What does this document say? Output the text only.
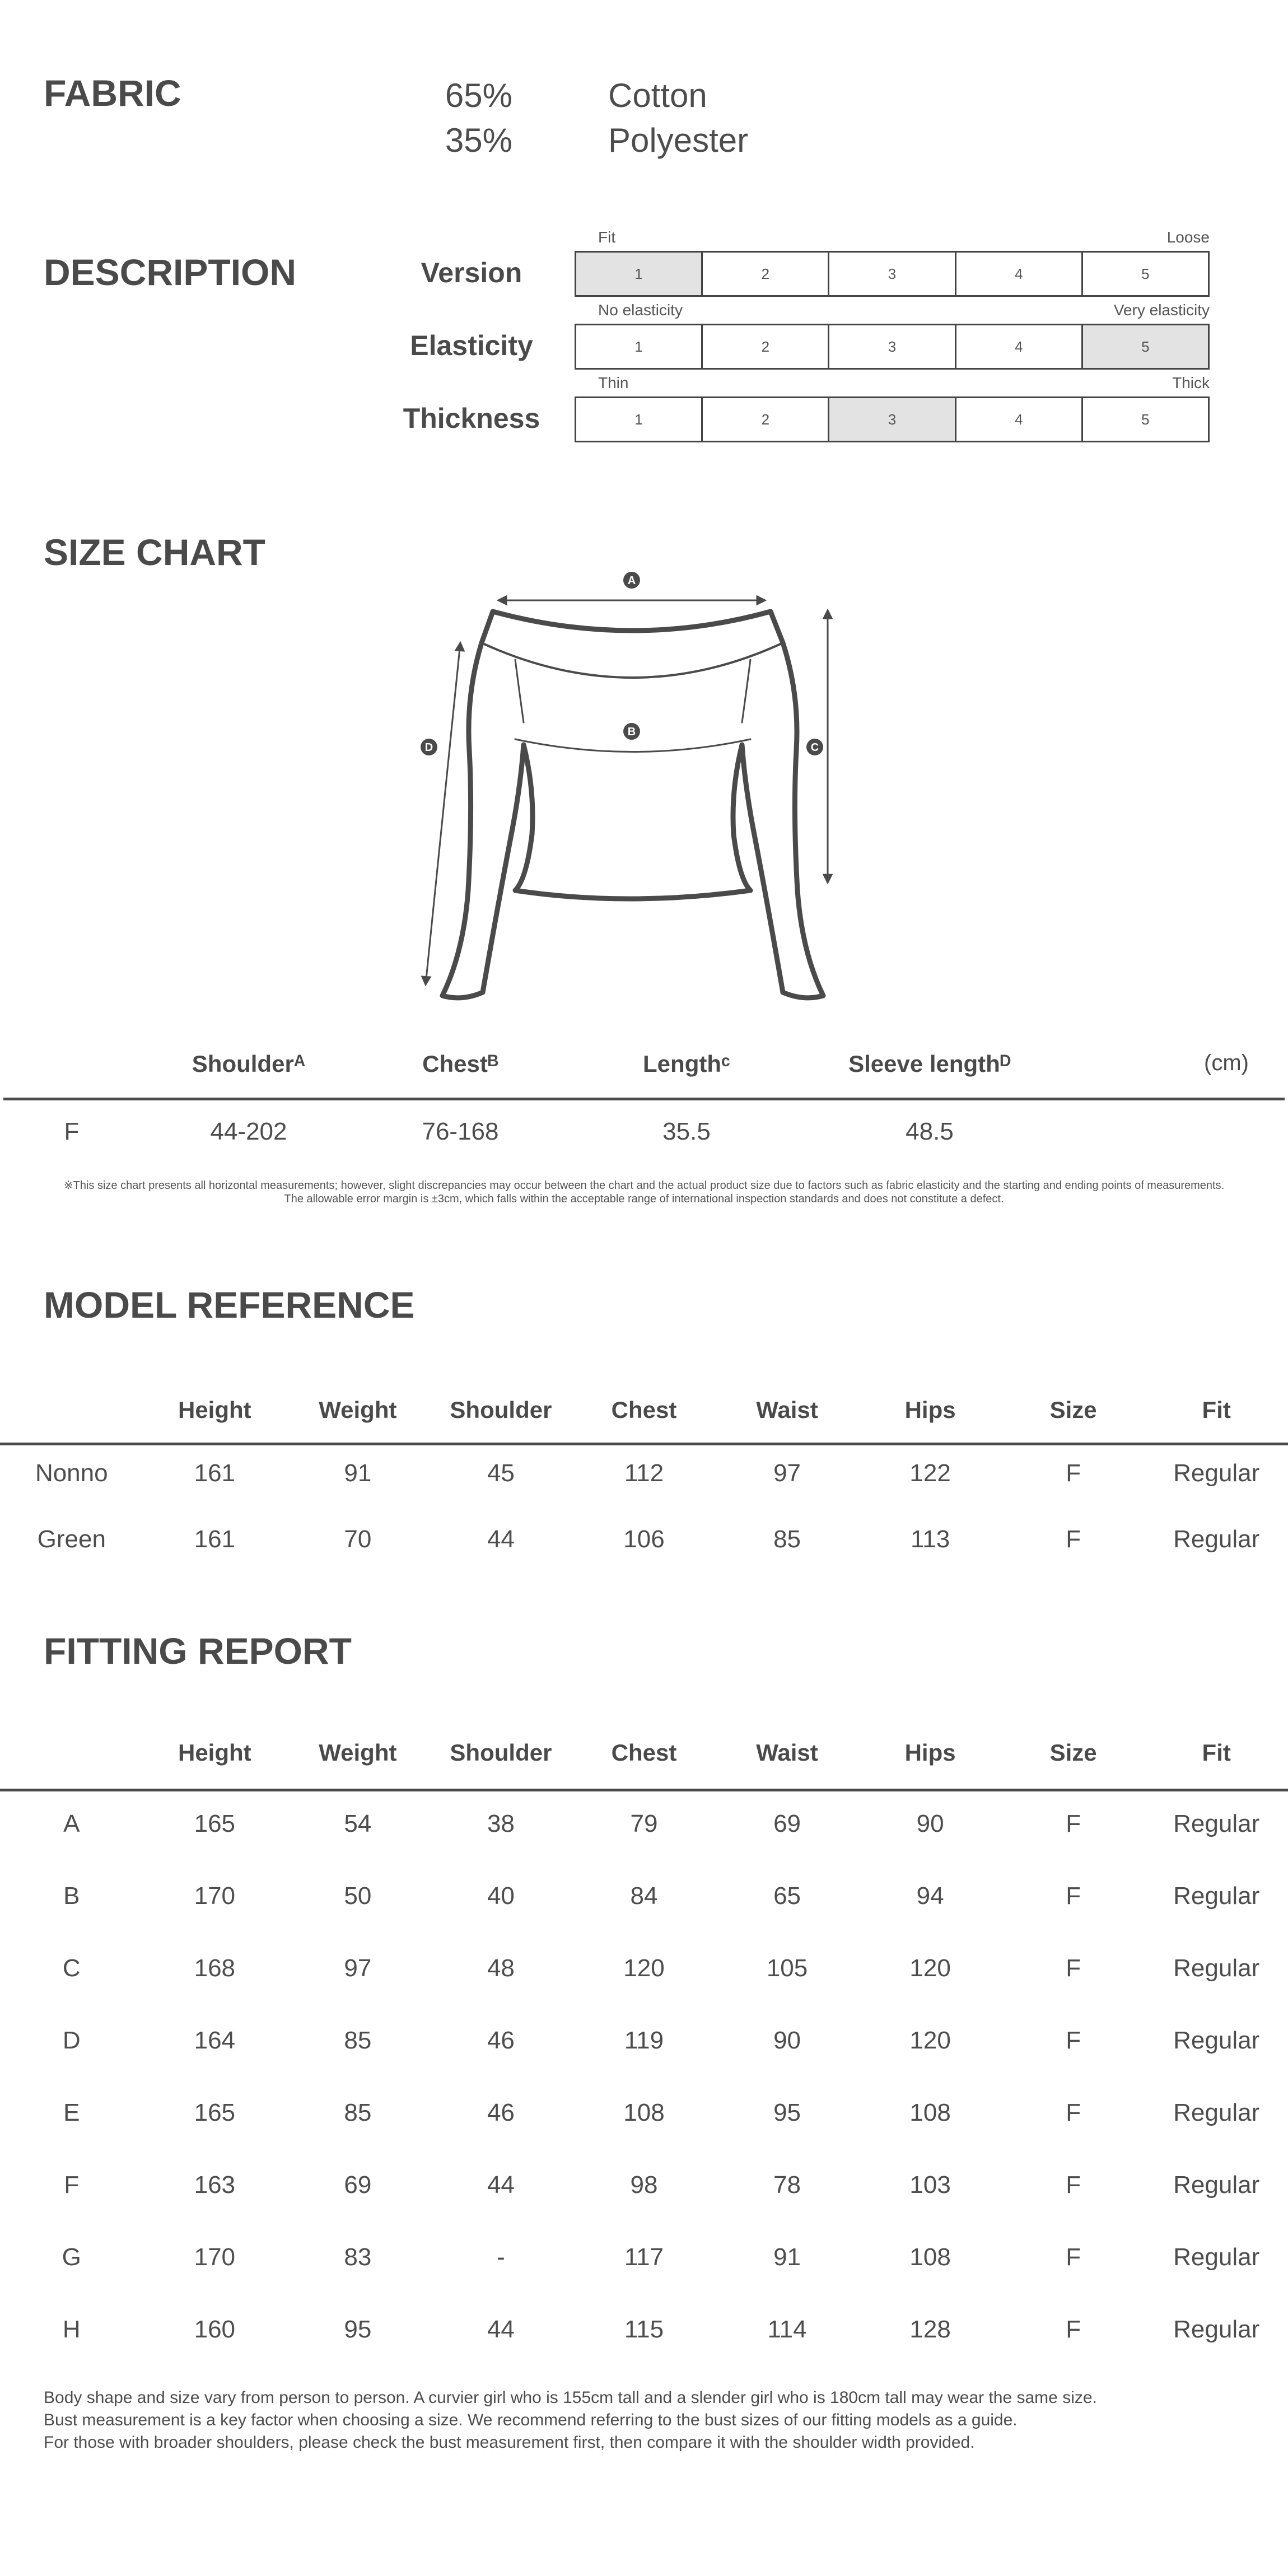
FABRIC	65%	Cotton
35%	Polyester
DESCRIPTION	Version
Fit	Loose
1	2	3	4	5
Elasticity
No elasticity	Very elasticity
1	2	3	4	5
Thickness
Thin	Thick
1	2	3	4	5
SIZE CHART
A
B
C
D
Shoulderᴬ	Chestᴮ	Lengthᶜ	Sleeve lengthᴰ
F	44-202	76-168	35.5	48.5
(cm)
※This size chart presents all horizontal measurements; however, slight discrepancies may occur between the chart and the actual product size due to factors such as fabric elasticity and the starting and ending points of measurements.
The allowable error margin is ±3cm, which falls within the acceptable range of international inspection standards and does not constitute a defect.
MODEL REFERENCE
Height	Weight	Shoulder	Chest	Waist	Hips	Size	Fit
Nonno	161	91	45	112	97	122	F	Regular
Green	161	70	44	106	85	113	F	Regular
FITTING REPORT
Height	Weight	Shoulder	Chest	Waist	Hips	Size	Fit
A	165	54	38	79	69	90	F	Regular
B	170	50	40	84	65	94	F	Regular
C	168	97	48	120	105	120	F	Regular
D	164	85	46	119	90	120	F	Regular
E	165	85	46	108	95	108	F	Regular
F	163	69	44	98	78	103	F	Regular
G	170	83	-	117	91	108	F	Regular
H	160	95	44	115	114	128	F	Regular
Body shape and size vary from person to person. A curvier girl who is 155cm tall and a slender girl who is 180cm tall may wear the same size.
Bust measurement is a key factor when choosing a size. We recommend referring to the bust sizes of our fitting models as a guide.
For those with broader shoulders, please check the bust measurement first, then compare it with the shoulder width provided.
